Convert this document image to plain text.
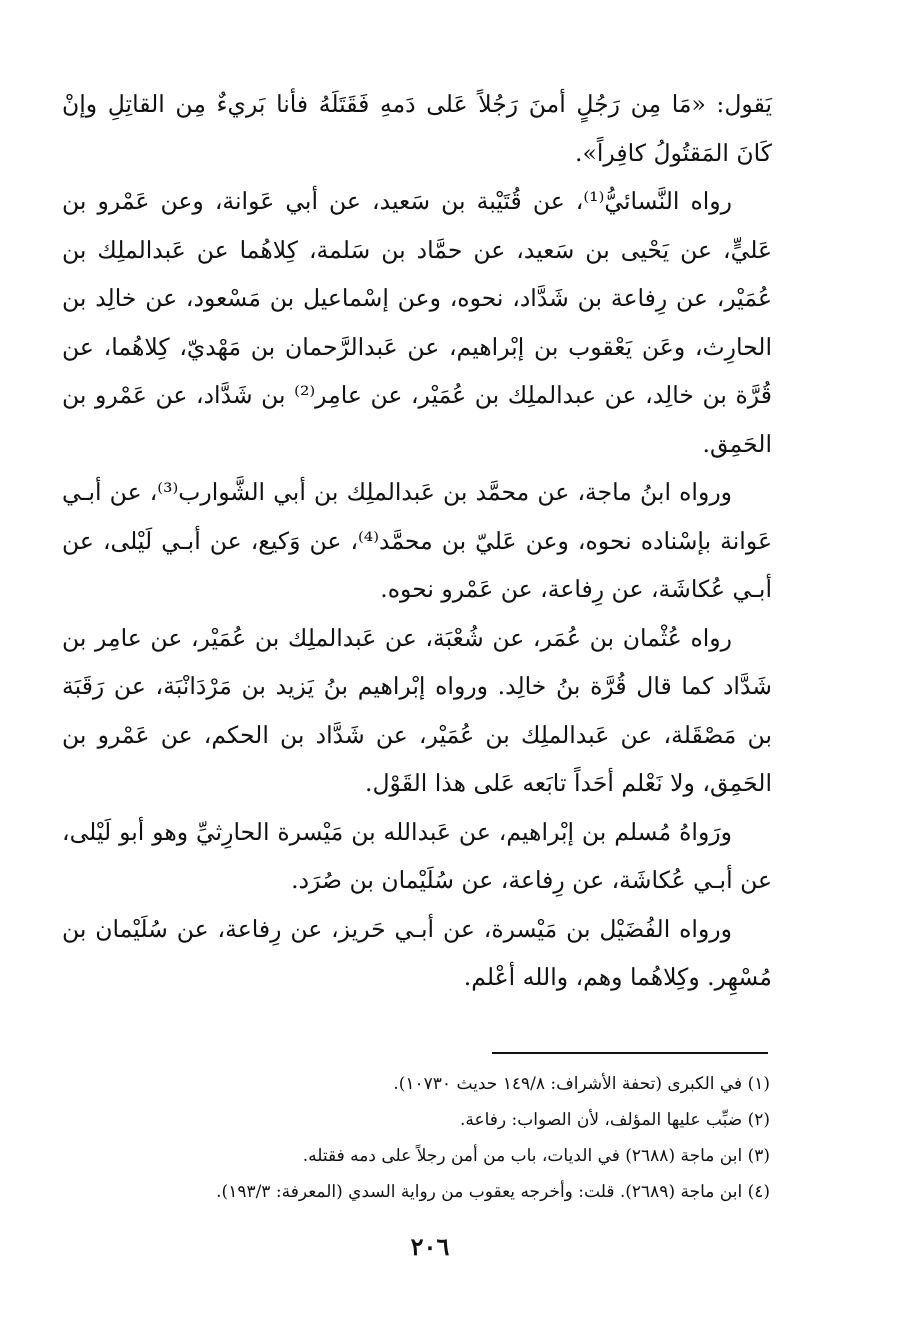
يَقول: «مَا مِن رَجُلٍ أمنَ رَجُلاً عَلى دَمهِ فَقَتَلَهُ فأنا بَريءٌ مِن القاتِلِ وإنْ كَانَ المَقتُولُ كافِراً».

رواه النَّسائيُّ⁽¹⁾، عن قُتَيْبة بن سَعيد، عن أبي عَوانة، وعن عَمْرو بن عَليٍّ، عن يَحْيى بن سَعيد، عن حمَّاد بن سَلمة، كِلاهُما عن عَبدالملِك بن عُمَيْر، عن رِفاعة بن شَدَّاد، نحوه، وعن إسْماعيل بن مَسْعود، عن خالِد بن الحارِث، وعَن يَعْقوب بن إبْراهيم، عن عَبدالرَّحمان بن مَهْديّ، كِلاهُما، عن قُرَّة بن خالِد، عن عبدالملِك بن عُمَيْر، عن عامِر⁽²⁾ بن شَدَّاد، عن عَمْرو بن الحَمِق.

ورواه ابنُ ماجة، عن محمَّد بن عَبدالملِك بن أبي الشَّوارب⁽³⁾، عن أبـي عَوانة بإسْناده نحوه، وعن عَليّ بن محمَّد⁽⁴⁾، عن وَكيع، عن أبـي لَيْلى، عن أبـي عُكاشَة، عن رِفاعة، عن عَمْرو نحوه.

رواه عُثْمان بن عُمَر، عن شُعْبَة، عن عَبدالملِك بن عُمَيْر، عن عامِر بن شَدَّاد كما قال قُرَّة بنُ خالِد. ورواه إبْراهيم بنُ يَزيد بن مَرْدَانْبَة، عن رَقَبَة بن مَصْقَلة، عن عَبدالملِك بن عُمَيْر، عن شَدَّاد بن الحكم، عن عَمْرو بن الحَمِق، ولا نَعْلم أحَداً تابَعه عَلى هذا القَوْل.

ورَواهُ مُسلم بن إبْراهيم، عن عَبدالله بن مَيْسرة الحارِثيِّ وهو أبو لَيْلى، عن أبـي عُكاشَة، عن رِفاعة، عن سُلَيْمان بن صُرَد.

ورواه الفُضَيْل بن مَيْسرة، عن أبـي حَريز، عن رِفاعة، عن سُلَيْمان بن مُسْهِر. وكِلاهُما وهم، والله أعْلم.

(١) في الكبرى (تحفة الأشراف: ١٤٩/٨ حديث ١٠٧٣٠).

(٢) ضبِّب عليها المؤلف، لأن الصواب: رفاعة.

(٣) ابن ماجة (٢٦٨٨) في الديات، باب من أمن رجلاً على دمه فقتله.

(٤) ابن ماجة (٢٦٨٩). قلت: وأخرجه يعقوب من رواية السدي (المعرفة: ١٩٣/٣).

٢٠٦
